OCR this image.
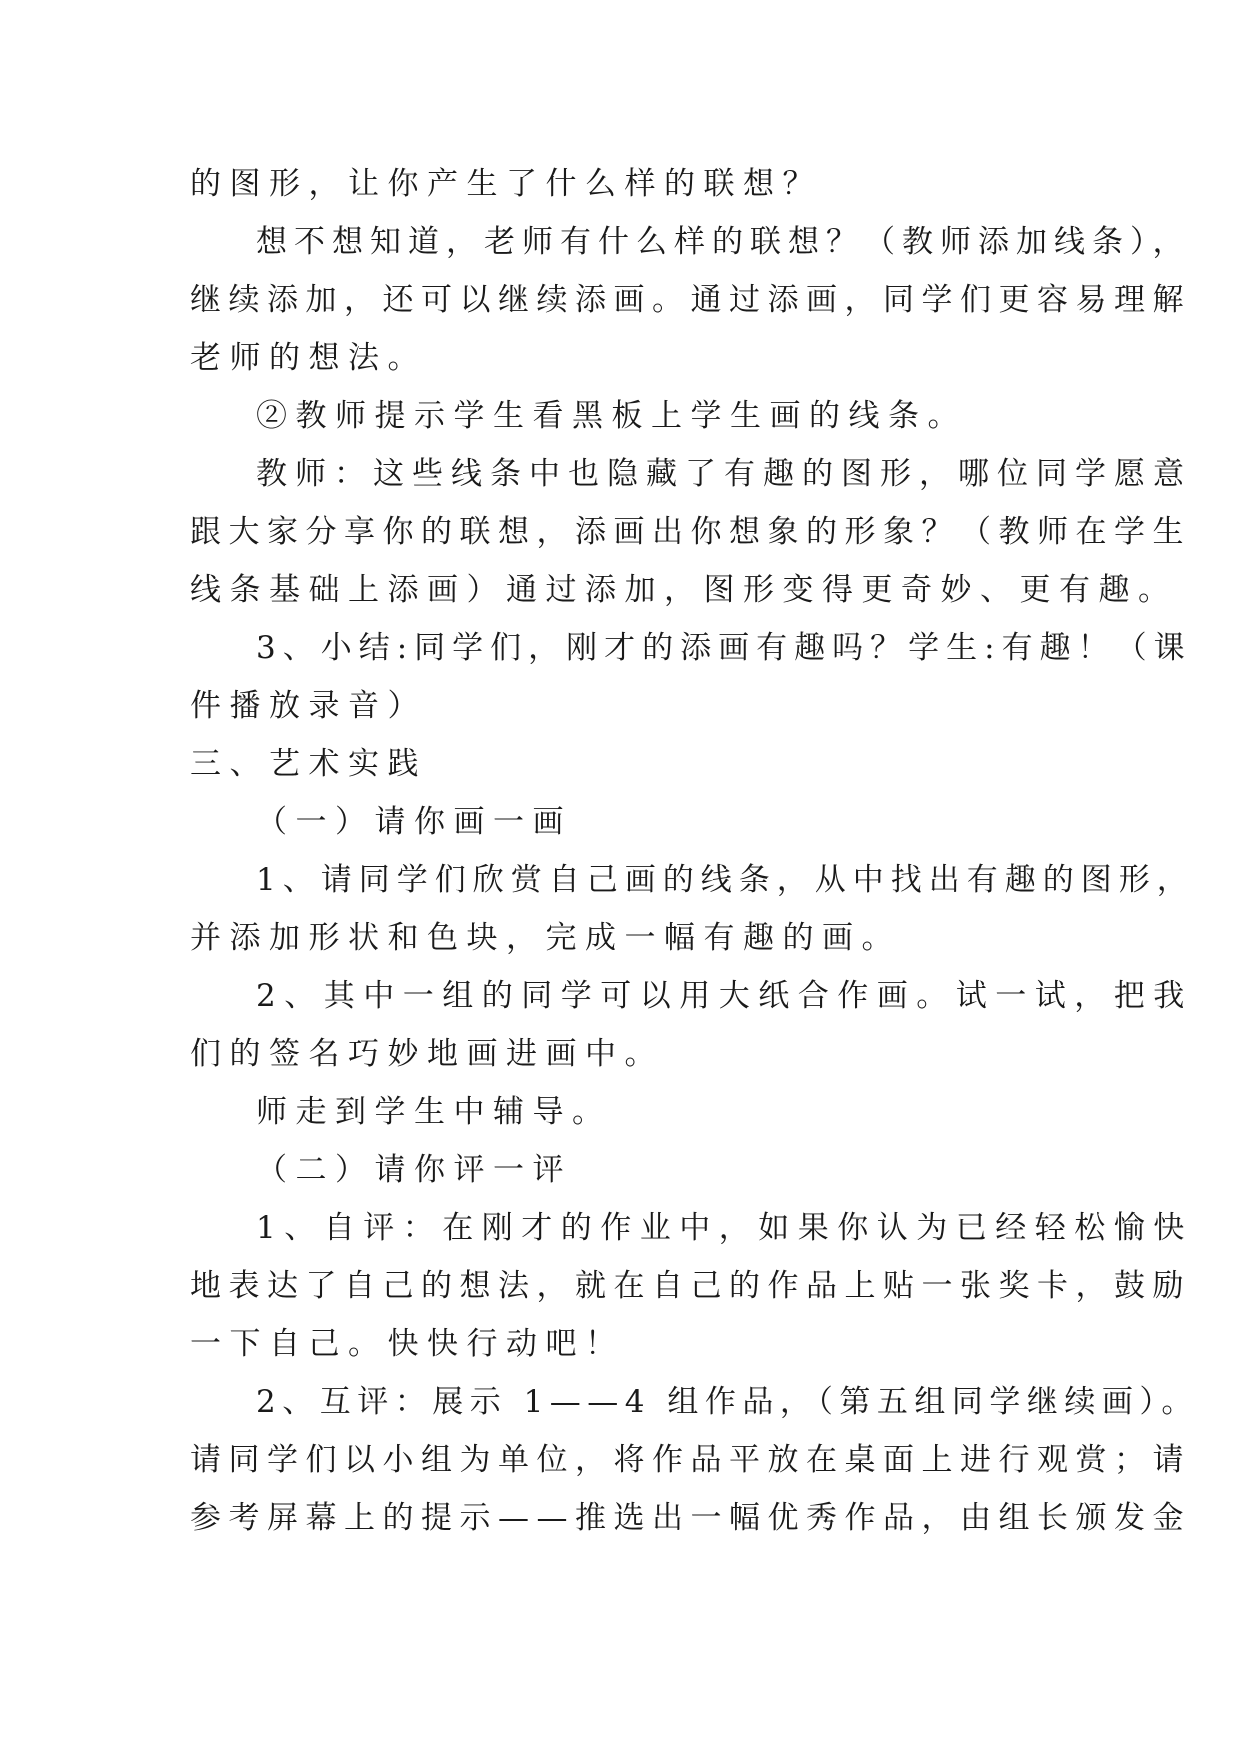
的图形，让你产生了什么样的联想？
想不想知道，老师有什么样的联想？（教师添加线条），
继续添加，还可以继续添画。通过添画，同学们更容易理解
老师的想法。
②教师提示学生看黑板上学生画的线条。
教师：这些线条中也隐藏了有趣的图形，哪位同学愿意
跟大家分享你的联想，添画出你想象的形象？（教师在学生
线条基础上添画）通过添加，图形变得更奇妙、更有趣。
3、小结:同学们，刚才的添画有趣吗？学生:有趣！（课
件播放录音）
三、艺术实践
（一）请你画一画
1、请同学们欣赏自己画的线条，从中找出有趣的图形，
并添加形状和色块，完成一幅有趣的画。
2、其中一组的同学可以用大纸合作画。试一试，把我
们的签名巧妙地画进画中。
师走到学生中辅导。
（二）请你评一评
1、自评：在刚才的作业中，如果你认为已经轻松愉快
地表达了自己的想法，就在自己的作品上贴一张奖卡，鼓励
一下自己。快快行动吧！
2、互评：展示 1——4 组作品，（第五组同学继续画）。
请同学们以小组为单位，将作品平放在桌面上进行观赏；请
参考屏幕上的提示——推选出一幅优秀作品，由组长颁发金
